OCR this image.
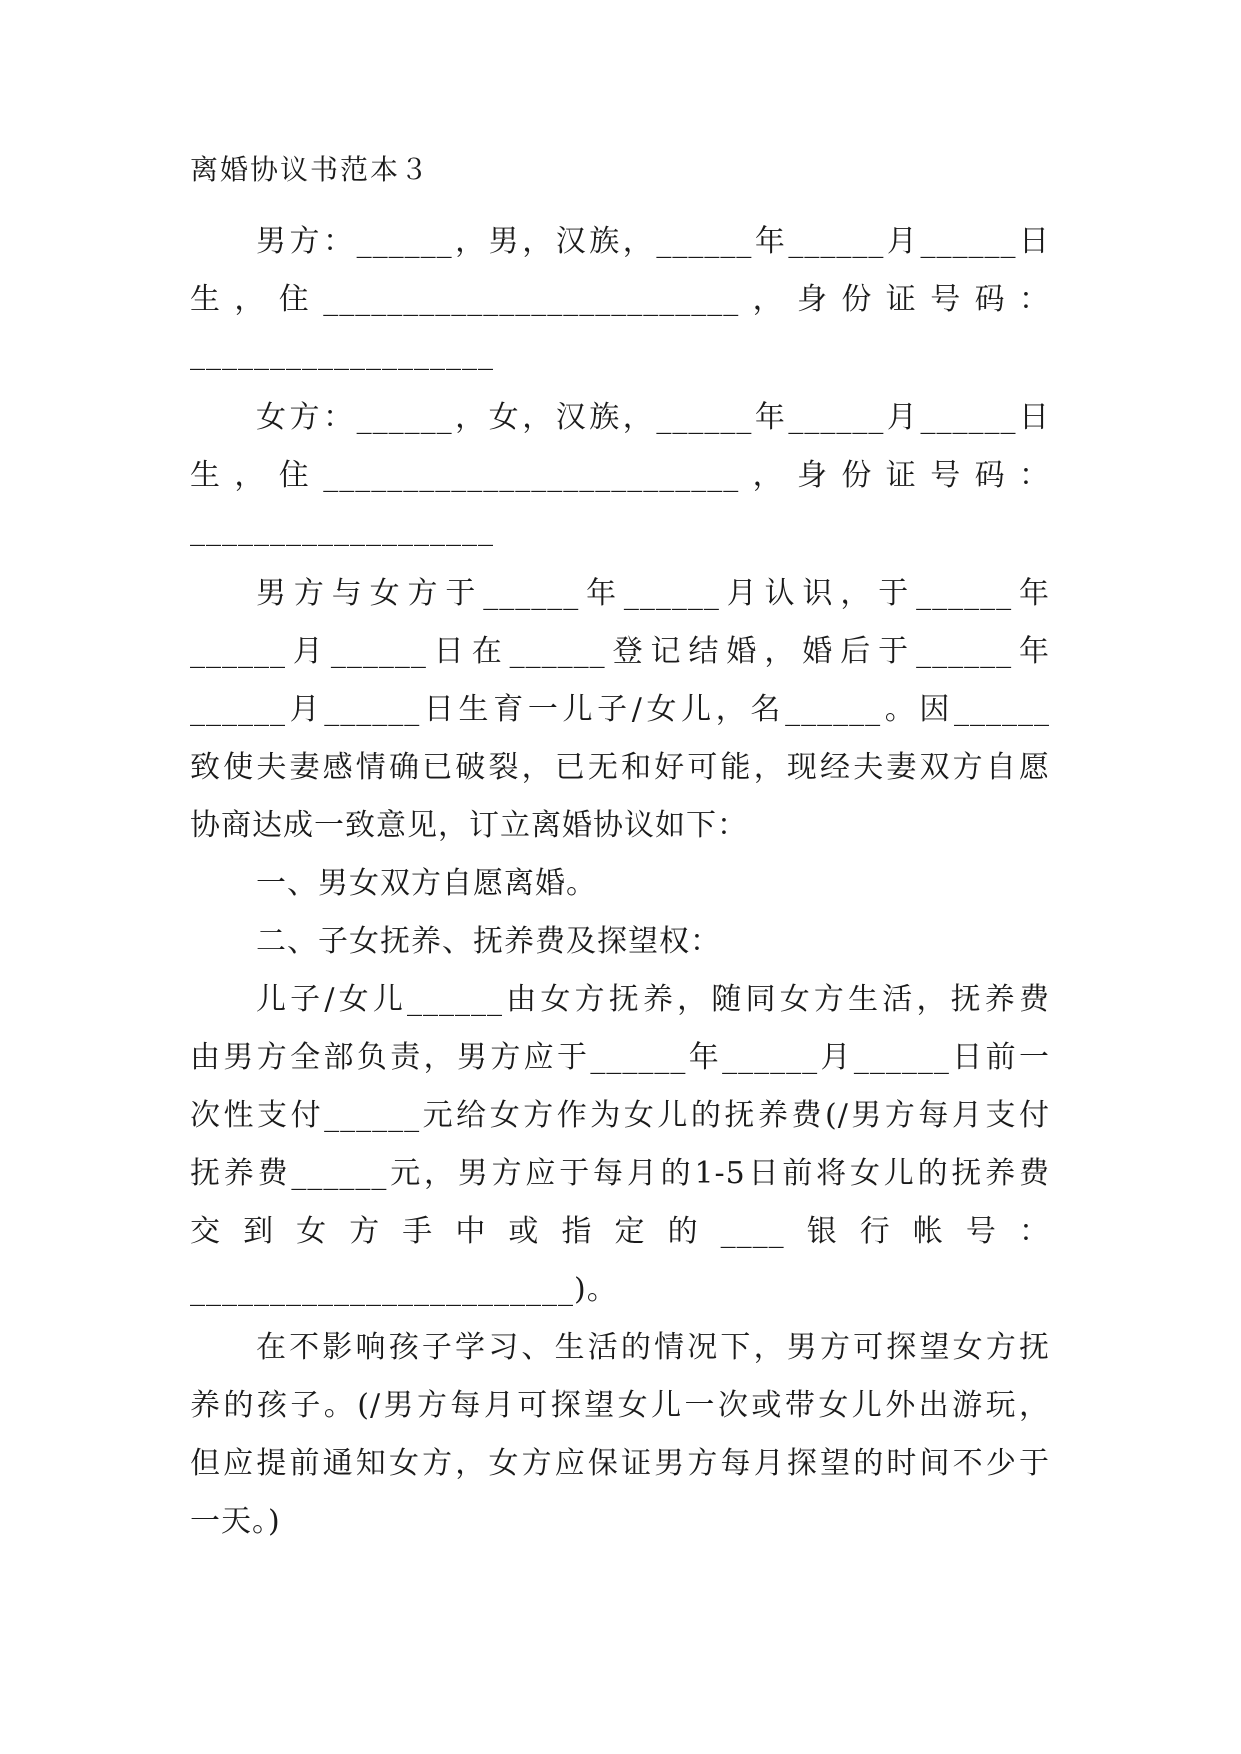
离婚协议书范本３
男方：______，男，汉族，______年______月______日
生，住__________________________，身份证号码：
___________________
女方：______，女，汉族，______年______月______日
生，住__________________________，身份证号码：
___________________
男方与女方于______年______月认识，于______年
______月______日在______登记结婚，婚后于______年
______月______日生育一儿子/女儿，名______。因______
致使夫妻感情确已破裂，已无和好可能，现经夫妻双方自愿
协商达成一致意见，订立离婚协议如下：
一、男女双方自愿离婚。
二、子女抚养、抚养费及探望权：
儿子/女儿______由女方抚养，随同女方生活，抚养费
由男方全部负责，男方应于______年______月______日前一
次性支付______元给女方作为女儿的抚养费(/男方每月支付
抚养费______元，男方应于每月的1-5日前将女儿的抚养费
交到女方手中或指定的____银行帐号：
________________________)。
在不影响孩子学习、生活的情况下，男方可探望女方抚
养的孩子。(/男方每月可探望女儿一次或带女儿外出游玩，
但应提前通知女方，女方应保证男方每月探望的时间不少于
一天。)
